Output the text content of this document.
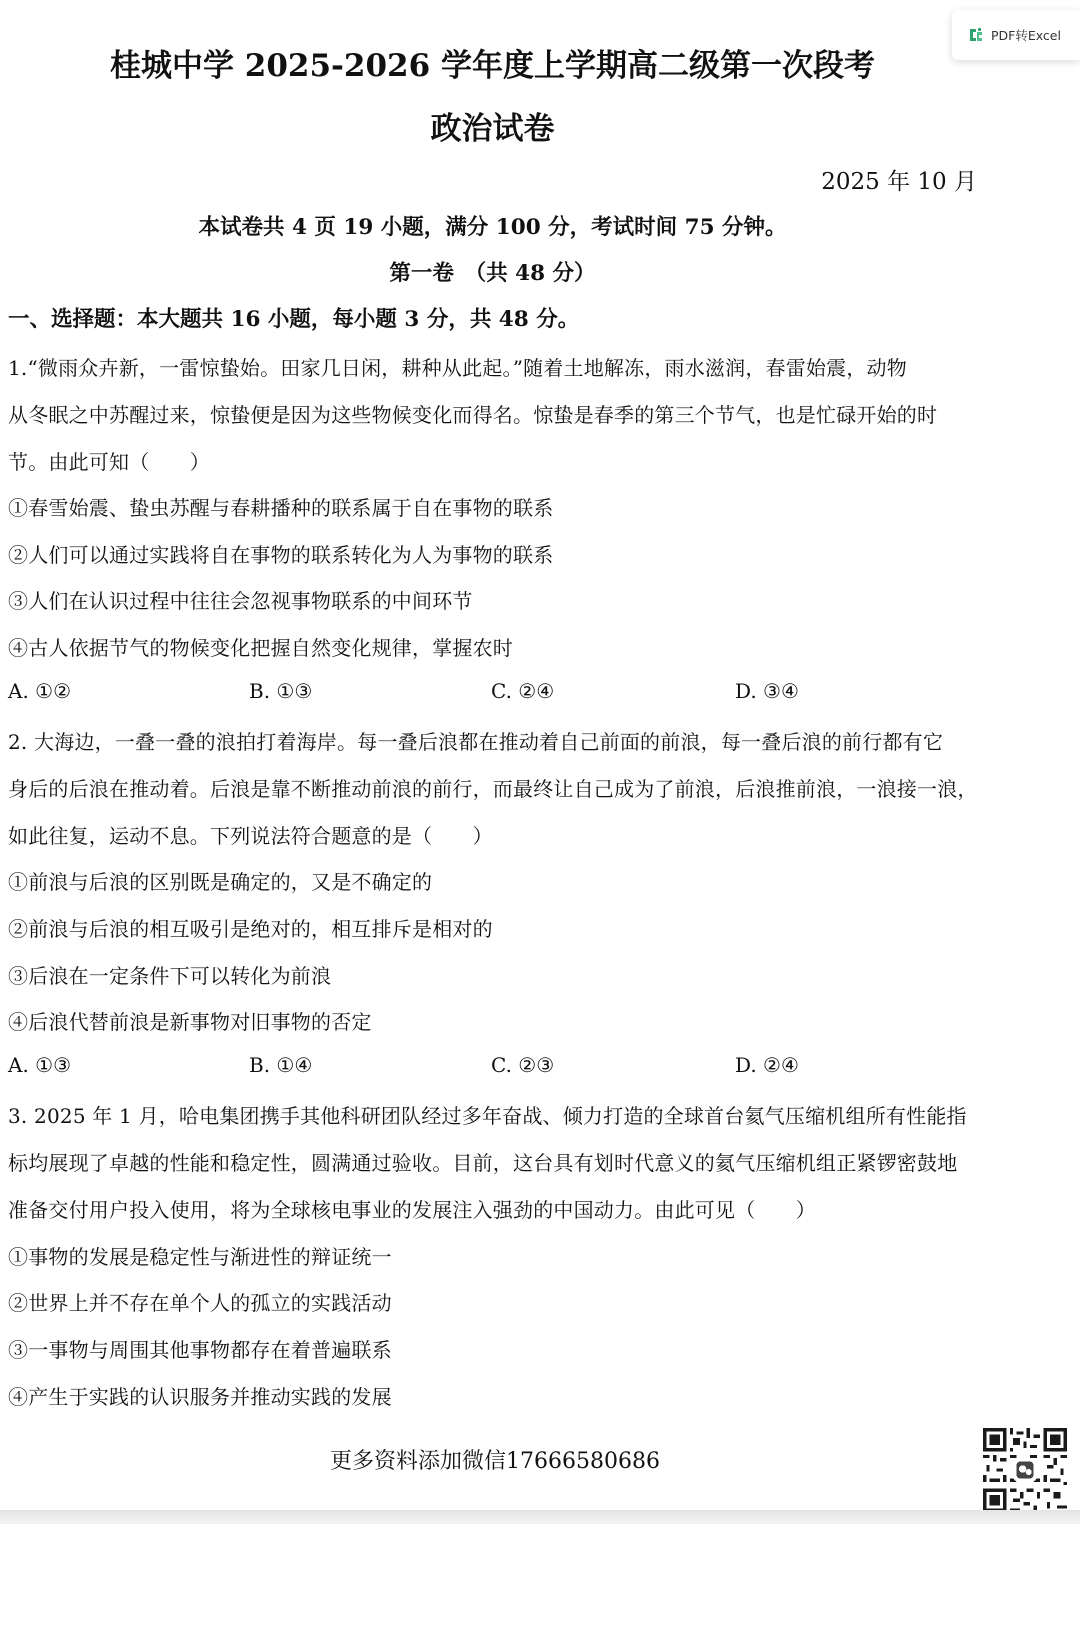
PDF转Excel
桂城中学 2025-2026 学年度上学期高二级第一次段考
政治试卷
2025 年 10 月
本试卷共 4 页 19 小题，满分 100 分，考试时间 75 分钟。
第一卷　（共 48 分）
一、选择题：本大题共 16 小题，每小题 3 分，共 48 分。
1.“微雨众卉新，一雷惊蛰始。田家几日闲，耕种从此起。”随着土地解冻，雨水滋润，春雷始震，动物
从冬眠之中苏醒过来，惊蛰便是因为这些物候变化而得名。惊蛰是春季的第三个节气，也是忙碌开始的时
节。由此可知（　　）
①春雪始震、蛰虫苏醒与春耕播种的联系属于自在事物的联系
②人们可以通过实践将自在事物的联系转化为人为事物的联系
③人们在认识过程中往往会忽视事物联系的中间环节
④古人依据节气的物候变化把握自然变化规律，掌握农时
A. ①②	B. ①③	C. ②④	D. ③④
2. 大海边，一叠一叠的浪拍打着海岸。每一叠后浪都在推动着自己前面的前浪，每一叠后浪的前行都有它
身后的后浪在推动着。后浪是靠不断推动前浪的前行，而最终让自己成为了前浪，后浪推前浪，一浪接一浪，
如此往复，运动不息。下列说法符合题意的是（　　）
①前浪与后浪的区别既是确定的，又是不确定的
②前浪与后浪的相互吸引是绝对的，相互排斥是相对的
③后浪在一定条件下可以转化为前浪
④后浪代替前浪是新事物对旧事物的否定
A. ①③	B. ①④	C. ②③	D. ②④
3. 2025 年 1 月，哈电集团携手其他科研团队经过多年奋战、倾力打造的全球首台氦气压缩机组所有性能指
标均展现了卓越的性能和稳定性，圆满通过验收。目前，这台具有划时代意义的氦气压缩机组正紧锣密鼓地
准备交付用户投入使用，将为全球核电事业的发展注入强劲的中国动力。由此可见（　　）
①事物的发展是稳定性与渐进性的辩证统一
②世界上并不存在单个人的孤立的实践活动
③一事物与周围其他事物都存在着普遍联系
④产生于实践的认识服务并推动实践的发展
更多资料添加微信17666580686
